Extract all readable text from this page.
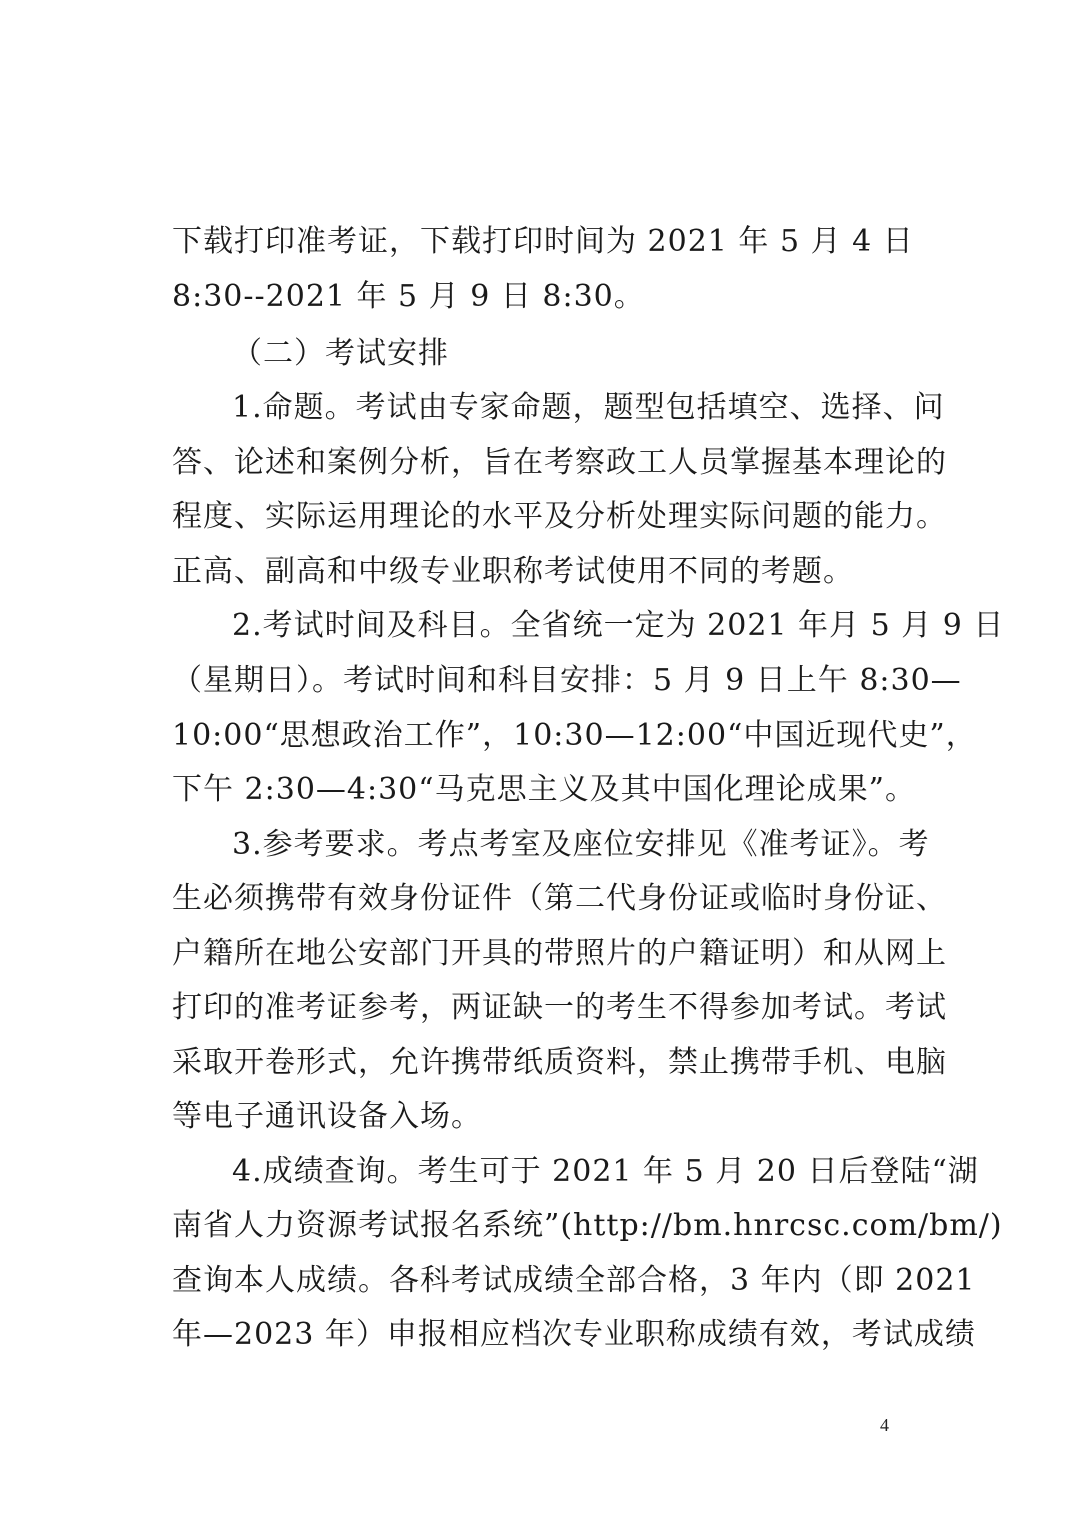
下载打印准考证，下载打印时间为 2021 年 5 月 4 日
8:30--2021 年 5 月 9 日 8:30。
（二）考试安排
1.命题。考试由专家命题，题型包括填空、选择、问
答、论述和案例分析，旨在考察政工人员掌握基本理论的
程度、实际运用理论的水平及分析处理实际问题的能力。
正高、副高和中级专业职称考试使用不同的考题。
2.考试时间及科目。全省统一定为 2021 年月 5 月 9 日
（星期日）。考试时间和科目安排：5 月 9 日上午 8:30—
10:00“思想政治工作”，10:30—12:00“中国近现代史”，
下午 2:30—4:30“马克思主义及其中国化理论成果”。
3.参考要求。考点考室及座位安排见《准考证》。考
生必须携带有效身份证件（第二代身份证或临时身份证、
户籍所在地公安部门开具的带照片的户籍证明）和从网上
打印的准考证参考，两证缺一的考生不得参加考试。考试
采取开卷形式，允许携带纸质资料，禁止携带手机、电脑
等电子通讯设备入场。
4.成绩查询。考生可于 2021 年 5 月 20 日后登陆“湖
南省人力资源考试报名系统”(http://bm.hnrcsc.com/bm/)
查询本人成绩。各科考试成绩全部合格，3 年内（即 2021
年—2023 年）申报相应档次专业职称成绩有效，考试成绩
4
